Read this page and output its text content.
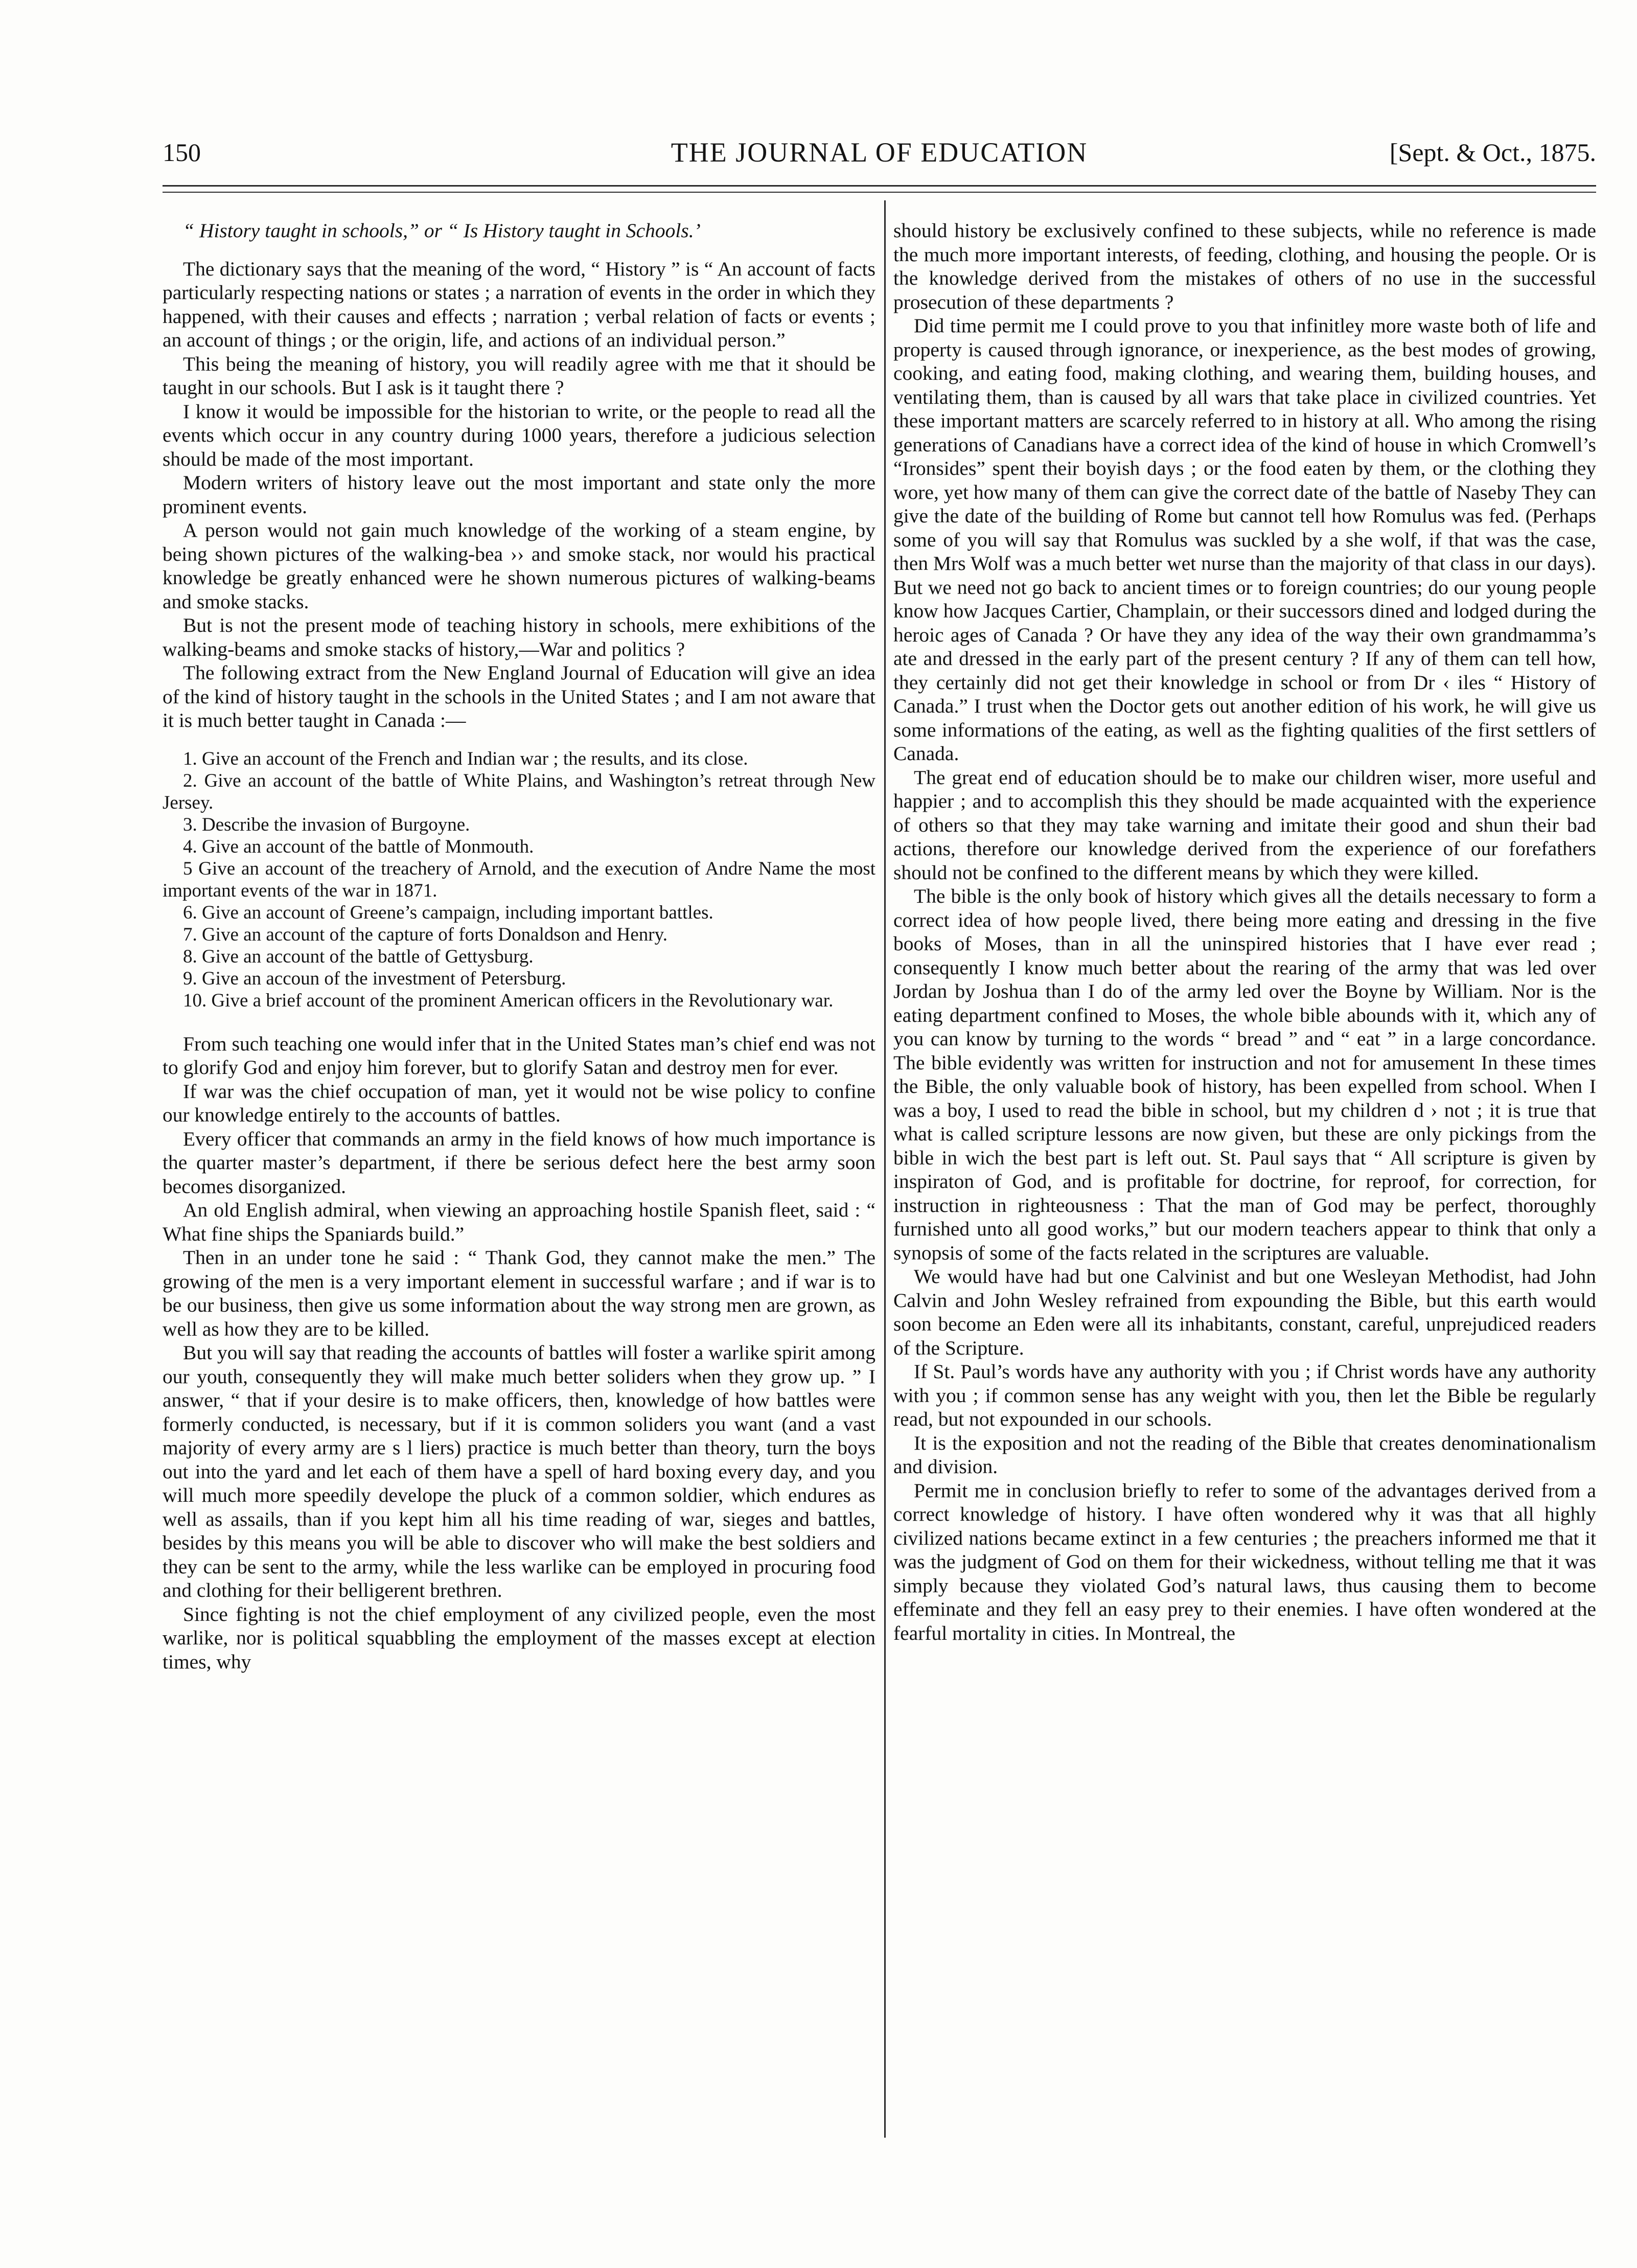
150	THE JOURNAL OF EDUCATION	[Sept. & Oct., 1875.

“ History taught in schools,” or “ Is History taught in Schools.’

The dictionary says that the meaning of the word, “ History ” is “ An account of facts particularly respecting nations or states ; a narration of events in the order in which they happened, with their causes and effects ; narration ; verbal relation of facts or events ; an account of things ; or the origin, life, and actions of an individual person.”

This being the meaning of history, you will readily agree with me that it should be taught in our schools. But I ask is it taught there ?

I know it would be impossible for the historian to write, or the people to read all the events which occur in any country during 1000 years, therefore a judicious selection should be made of the most important.

Modern writers of history leave out the most important and state only the more prominent events.

A person would not gain much knowledge of the working of a steam engine, by being shown pictures of the walking-bea ›› and smoke stack, nor would his practical knowledge be greatly enhanced were he shown numerous pictures of walking-beams and smoke stacks.

But is not the present mode of teaching history in schools, mere exhibitions of the walking-beams and smoke stacks of history,—War and politics ?

The following extract from the New England Journal of Education will give an idea of the kind of history taught in the schools in the United States ; and I am not aware that it is much better taught in Canada :—

1. Give an account of the French and Indian war ; the results, and its close.
2. Give an account of the battle of White Plains, and Washington’s retreat through New Jersey.
3. Describe the invasion of Burgoyne.
4. Give an account of the battle of Monmouth.
5 Give an account of the treachery of Arnold, and the execution of Andre Name the most important events of the war in 1871.
6. Give an account of Greene’s campaign, including important battles.
7. Give an account of the capture of forts Donaldson and Henry.
8. Give an account of the battle of Gettysburg.
9. Give an accoun of the investment of Petersburg.
10. Give a brief account of the prominent American officers in the Revolutionary war.

From such teaching one would infer that in the United States man’s chief end was not to glorify God and enjoy him forever, but to glorify Satan and destroy men for ever.

If war was the chief occupation of man, yet it would not be wise policy to confine our knowledge entirely to the accounts of battles.

Every officer that commands an army in the field knows of how much importance is the quarter master’s department, if there be serious defect here the best army soon becomes disorganized.

An old English admiral, when viewing an approaching hostile Spanish fleet, said : “ What fine ships the Spaniards build.”

Then in an under tone he said : “ Thank God, they cannot make the men.” The growing of the men is a very important element in successful warfare ; and if war is to be our business, then give us some information about the way strong men are grown, as well as how they are to be killed.

But you will say that reading the accounts of battles will foster a warlike spirit among our youth, consequently they will make much better soliders when they grow up. ” I answer, “ that if your desire is to make officers, then, knowledge of how battles were formerly conducted, is necessary, but if it is common soliders you want (and a vast majority of every army are s l liers) practice is much better than theory, turn the boys out into the yard and let each of them have a spell of hard boxing every day, and you will much more speedily develope the pluck of a common soldier, which endures as well as assails, than if you kept him all his time reading of war, sieges and battles, besides by this means you will be able to discover who will make the best soldiers and they can be sent to the army, while the less warlike can be employed in procuring food and clothing for their belligerent brethren.

Since fighting is not the chief employment of any civilized people, even the most warlike, nor is political squabbling the employment of the masses except at election times, why

should history be exclusively confined to these subjects, while no reference is made the much more important interests, of feeding, clothing, and housing the people. Or is the knowledge derived from the mistakes of others of no use in the successful prosecution of these departments ?

Did time permit me I could prove to you that infinitley more waste both of life and property is caused through ignorance, or inexperience, as the best modes of growing, cooking, and eating food, making clothing, and wearing them, building houses, and ventilating them, than is caused by all wars that take place in civilized countries. Yet these important matters are scarcely referred to in history at all. Who among the rising generations of Canadians have a correct idea of the kind of house in which Cromwell’s “Ironsides” spent their boyish days ; or the food eaten by them, or the clothing they wore, yet how many of them can give the correct date of the battle of Naseby They can give the date of the building of Rome but cannot tell how Romulus was fed. (Perhaps some of you will say that Romulus was suckled by a she wolf, if that was the case, then Mrs Wolf was a much better wet nurse than the majority of that class in our days). But we need not go back to ancient times or to foreign countries; do our young people know how Jacques Cartier, Champlain, or their successors dined and lodged during the heroic ages of Canada ? Or have they any idea of the way their own grandmamma’s ate and dressed in the early part of the present century ? If any of them can tell how, they certainly did not get their knowledge in school or from Dr ‹ iles “ History of Canada.” I trust when the Doctor gets out another edition of his work, he will give us some informations of the eating, as well as the fighting qualities of the first settlers of Canada.

The great end of education should be to make our children wiser, more useful and happier ; and to accomplish this they should be made acquainted with the experience of others so that they may take warning and imitate their good and shun their bad actions, therefore our knowledge derived from the experience of our forefathers should not be confined to the different means by which they were killed.

The bible is the only book of history which gives all the details necessary to form a correct idea of how people lived, there being more eating and dressing in the five books of Moses, than in all the uninspired histories that I have ever read ; consequently I know much better about the rearing of the army that was led over Jordan by Joshua than I do of the army led over the Boyne by William. Nor is the eating department confined to Moses, the whole bible abounds with it, which any of you can know by turning to the words “ bread ” and “ eat ” in a large concordance. The bible evidently was written for instruction and not for amusement In these times the Bible, the only valuable book of history, has been expelled from school. When I was a boy, I used to read the bible in school, but my children d › not ; it is true that what is called scripture lessons are now given, but these are only pickings from the bible in wich the best part is left out. St. Paul says that “ All scripture is given by inspiraton of God, and is profitable for doctrine, for reproof, for correction, for instruction in righteousness : That the man of God may be perfect, thoroughly furnished unto all good works,” but our modern teachers appear to think that only a synopsis of some of the facts related in the scriptures are valuable.

We would have had but one Calvinist and but one Wesleyan Methodist, had John Calvin and John Wesley refrained from expounding the Bible, but this earth would soon become an Eden were all its inhabitants, constant, careful, unprejudiced readers of the Scripture.

If St. Paul’s words have any authority with you ; if Christ words have any authority with you ; if common sense has any weight with you, then let the Bible be regularly read, but not expounded in our schools.

It is the exposition and not the reading of the Bible that creates denominationalism and division.

Permit me in conclusion briefly to refer to some of the advantages derived from a correct knowledge of history. I have often wondered why it was that all highly civilized nations became extinct in a few centuries ; the preachers informed me that it was the judgment of God on them for their wickedness, without telling me that it was simply because they violated God’s natural laws, thus causing them to become effeminate and they fell an easy prey to their enemies. I have often wondered at the fearful mortality in cities. In Montreal, the
